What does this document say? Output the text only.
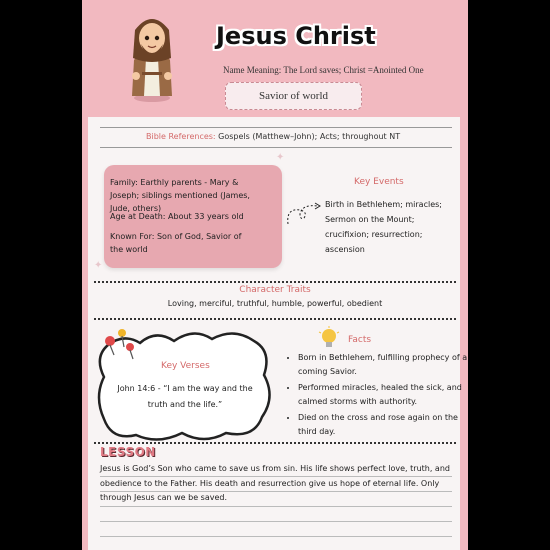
Jesus Christ
Name Meaning: The Lord saves; Christ =Anointed One
Savior of world
Bible References: Gospels (Matthew–John); Acts; throughout NT
Family: Earthly parents - Mary & Joseph; siblings mentioned (James, Jude, others)
Age at Death: About 33 years old
Known For: Son of God, Savior of the world
✦
✦
Key Events
Birth in Bethlehem; miracles; Sermon on the Mount; crucifixion; resurrection; ascension
Character Traits
Loving, merciful, truthful, humble, powerful, obedient
Key Verses
John 14:6 - “I am the way and the truth and the life.”
Facts
• Born in Bethlehem, fulfilling prophecy of a coming Savior.
• Performed miracles, healed the sick, and calmed storms with authority.
• Died on the cross and rose again on the third day.
LESSON
Jesus is God’s Son who came to save us from sin. His life shows perfect love, truth, and obedience to the Father. His death and resurrection give us hope of eternal life. Only through Jesus can we be saved.
